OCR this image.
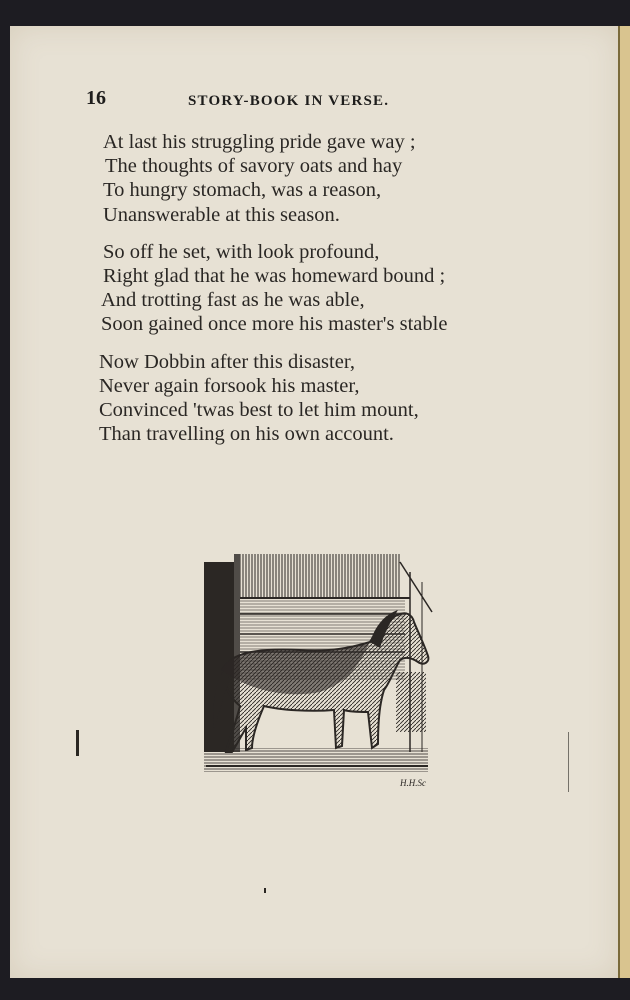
16	STORY-BOOK IN VERSE.
At last his struggling pride gave way ;
The thoughts of savory oats and hay
To hungry stomach, was a reason,
Unanswerable at this season.
So off he set, with look profound,
Right glad that he was homeward bound ;
And trotting fast as he was able,
Soon gained once more his master's stable
Now Dobbin after this disaster,
Never again forsook his master,
Convinced 'twas best to let him mount,
Than travelling on his own account.
H.H.Sc
